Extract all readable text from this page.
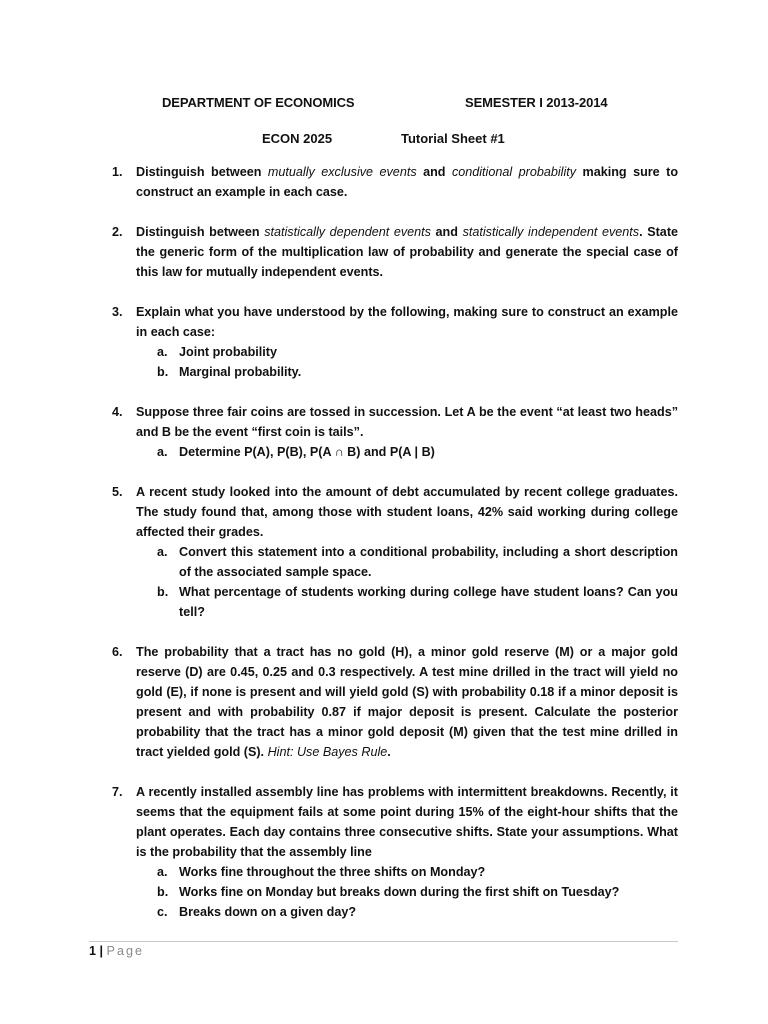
DEPARTMENT OF ECONOMICS	SEMESTER I 2013-2014
ECON 2025	Tutorial Sheet #1
1.	Distinguish between mutually exclusive events and conditional probability making sure to construct an example in each case.
2.	Distinguish between statistically dependent events and statistically independent events. State the generic form of the multiplication law of probability and generate the special case of this law for mutually independent events.
3.	Explain what you have understood by the following, making sure to construct an example in each case:
a. Joint probability
b. Marginal probability.
4.	Suppose three fair coins are tossed in succession. Let A be the event “at least two heads” and B be the event “first coin is tails”.
a. Determine P(A), P(B), P(A ∩ B) and P(A | B)
5.	A recent study looked into the amount of debt accumulated by recent college graduates. The study found that, among those with student loans, 42% said working during college affected their grades.
a. Convert this statement into a conditional probability, including a short description of the associated sample space.
b. What percentage of students working during college have student loans? Can you tell?
6.	The probability that a tract has no gold (H), a minor gold reserve (M) or a major gold reserve (D) are 0.45, 0.25 and 0.3 respectively. A test mine drilled in the tract will yield no gold (E), if none is present and will yield gold (S) with probability 0.18 if a minor deposit is present and with probability 0.87 if major deposit is present. Calculate the posterior probability that the tract has a minor gold deposit (M) given that the test mine drilled in tract yielded gold (S). Hint: Use Bayes Rule.
7.	A recently installed assembly line has problems with intermittent breakdowns. Recently, it seems that the equipment fails at some point during 15% of the eight-hour shifts that the plant operates. Each day contains three consecutive shifts. State your assumptions. What is the probability that the assembly line
a. Works fine throughout the three shifts on Monday?
b. Works fine on Monday but breaks down during the first shift on Tuesday?
c. Breaks down on a given day?
1 | Page
